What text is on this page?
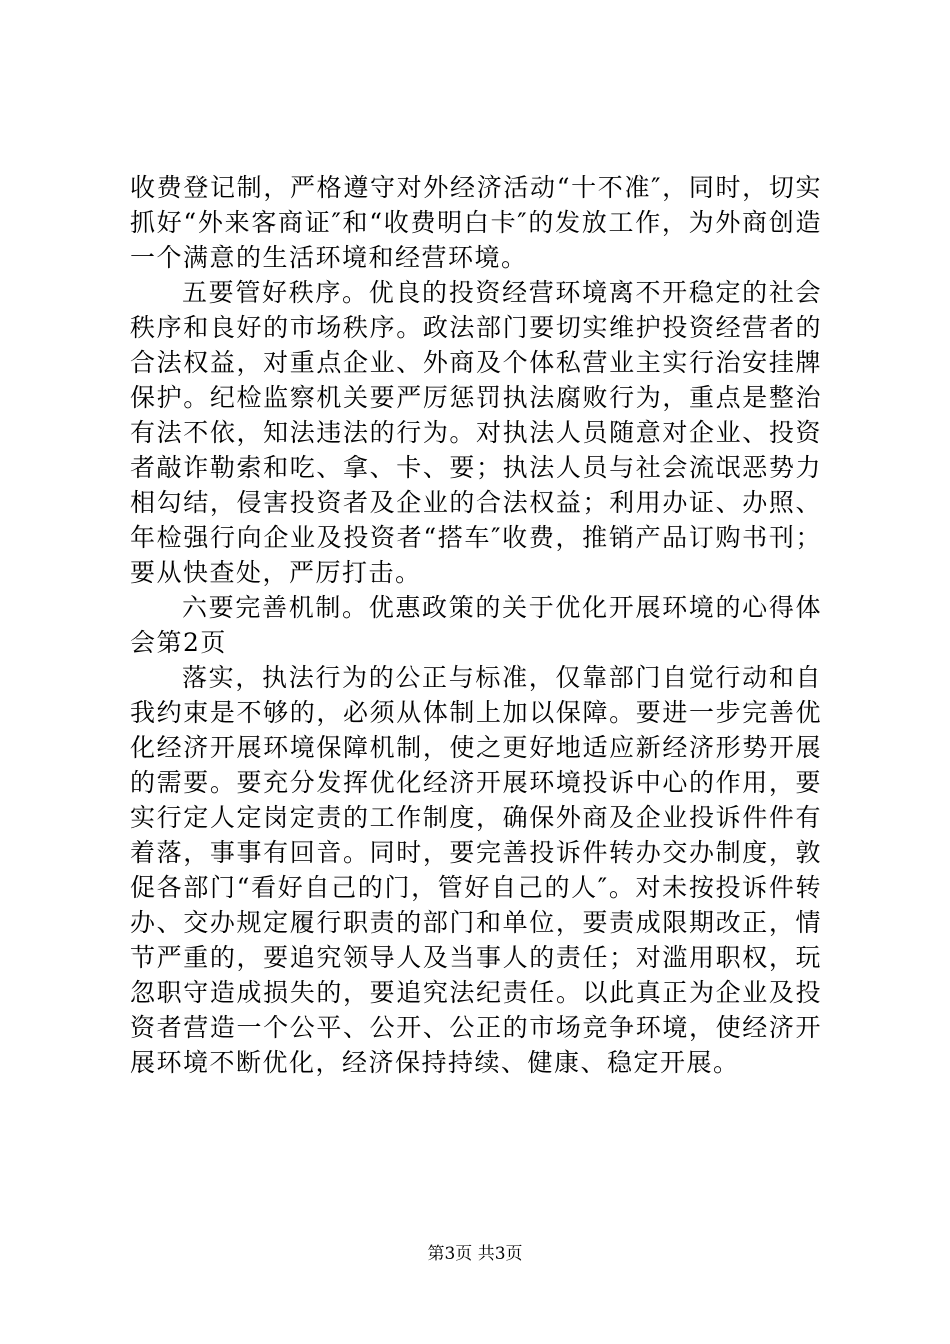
收费登记制，严格遵守对外经济活动“十不准″，同时，切实抓好“外来客商证″和“收费明白卡″的发放工作，为外商创造一个满意的生活环境和经营环境。

五要管好秩序。优良的投资经营环境离不开稳定的社会秩序和良好的市场秩序。政法部门要切实维护投资经营者的合法权益，对重点企业、外商及个体私营业主实行治安挂牌保护。纪检监察机关要严厉惩罚执法腐败行为，重点是整治有法不依，知法违法的行为。对执法人员随意对企业、投资者敲诈勒索和吃、拿、卡、要；执法人员与社会流氓恶势力相勾结，侵害投资者及企业的合法权益；利用办证、办照、年检强行向企业及投资者“搭车″收费，推销产品订购书刊；要从快查处，严厉打击。

六要完善机制。优惠政策的关于优化开展环境的心得体会第2页

落实，执法行为的公正与标准，仅靠部门自觉行动和自我约束是不够的，必须从体制上加以保障。要进一步完善优化经济开展环境保障机制，使之更好地适应新经济形势开展的需要。要充分发挥优化经济开展环境投诉中心的作用，要实行定人定岗定责的工作制度，确保外商及企业投诉件件有着落，事事有回音。同时，要完善投诉件转办交办制度，敦促各部门“看好自己的门，管好自己的人″。对未按投诉件转办、交办规定履行职责的部门和单位，要责成限期改正，情节严重的，要追究领导人及当事人的责任；对滥用职权，玩忽职守造成损失的，要追究法纪责任。以此真正为企业及投资者营造一个公平、公开、公正的市场竞争环境，使经济开展环境不断优化，经济保持持续、健康、稳定开展。

第3页 共3页
